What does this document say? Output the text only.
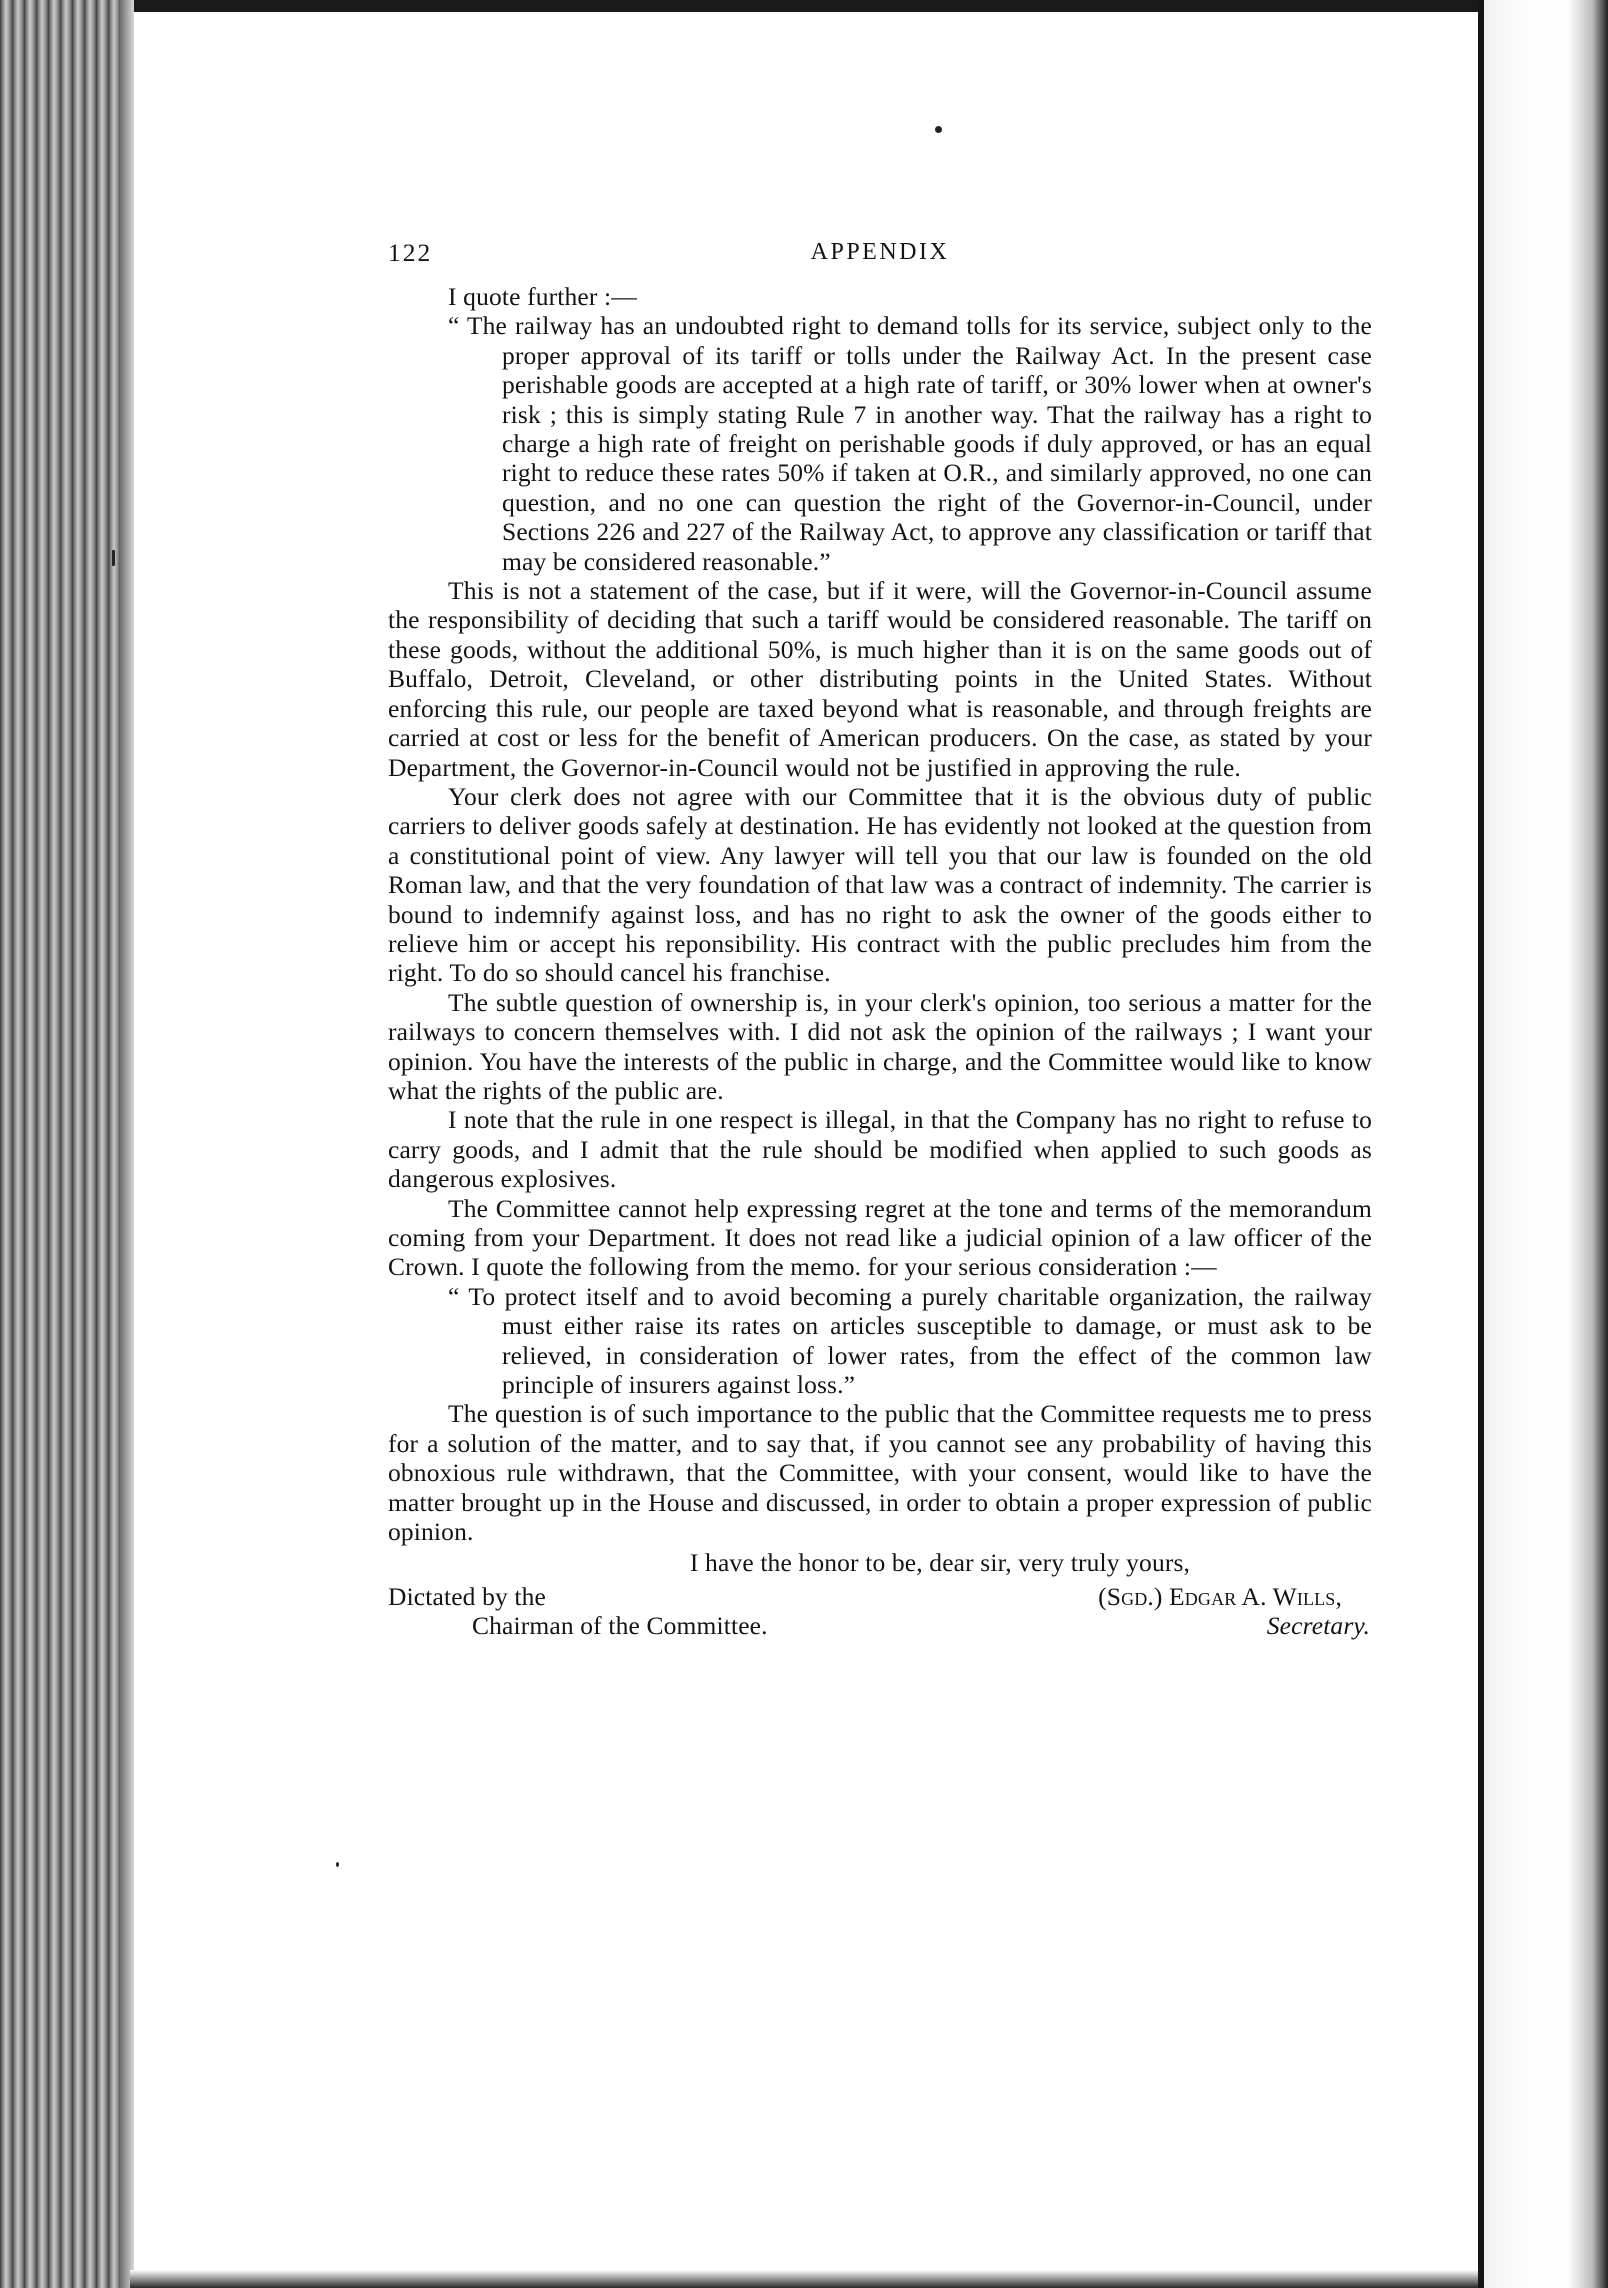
122	APPENDIX

I quote further :—

“ The railway has an undoubted right to demand tolls for its service, subject only to the proper approval of its tariff or tolls under the Railway Act. In the present case perishable goods are accepted at a high rate of tariff, or 30% lower when at owner's risk ; this is simply stating Rule 7 in another way. That the railway has a right to charge a high rate of freight on perishable goods if duly approved, or has an equal right to reduce these rates 50% if taken at O.R., and similarly approved, no one can question, and no one can question the right of the Governor-in-Council, under Sections 226 and 227 of the Railway Act, to approve any classification or tariff that may be considered reasonable.”

This is not a statement of the case, but if it were, will the Governor-in-Council assume the responsibility of deciding that such a tariff would be considered reasonable. The tariff on these goods, without the additional 50%, is much higher than it is on the same goods out of Buffalo, Detroit, Cleveland, or other distributing points in the United States. Without enforcing this rule, our people are taxed beyond what is reasonable, and through freights are carried at cost or less for the benefit of American producers. On the case, as stated by your Department, the Governor-in-Council would not be justified in approving the rule.

Your clerk does not agree with our Committee that it is the obvious duty of public carriers to deliver goods safely at destination. He has evidently not looked at the question from a constitutional point of view. Any lawyer will tell you that our law is founded on the old Roman law, and that the very foundation of that law was a contract of indemnity. The carrier is bound to indemnify against loss, and has no right to ask the owner of the goods either to relieve him or accept his reponsibility. His contract with the public precludes him from the right. To do so should cancel his franchise.

The subtle question of ownership is, in your clerk's opinion, too serious a matter for the railways to concern themselves with. I did not ask the opinion of the railways ; I want your opinion. You have the interests of the public in charge, and the Committee would like to know what the rights of the public are.

I note that the rule in one respect is illegal, in that the Company has no right to refuse to carry goods, and I admit that the rule should be modified when applied to such goods as dangerous explosives.

The Committee cannot help expressing regret at the tone and terms of the memorandum coming from your Department. It does not read like a judicial opinion of a law officer of the Crown. I quote the following from the memo. for your serious consideration :—

“ To protect itself and to avoid becoming a purely charitable organization, the railway must either raise its rates on articles susceptible to damage, or must ask to be relieved, in consideration of lower rates, from the effect of the common law principle of insurers against loss.”

The question is of such importance to the public that the Committee requests me to press for a solution of the matter, and to say that, if you cannot see any probability of having this obnoxious rule withdrawn, that the Committee, with your consent, would like to have the matter brought up in the House and discussed, in order to obtain a proper expression of public opinion.

I have the honor to be, dear sir, very truly yours,

Dictated by the	(Sgd.) Edgar A. Wills,
Chairman of the Committee.	Secretary.
